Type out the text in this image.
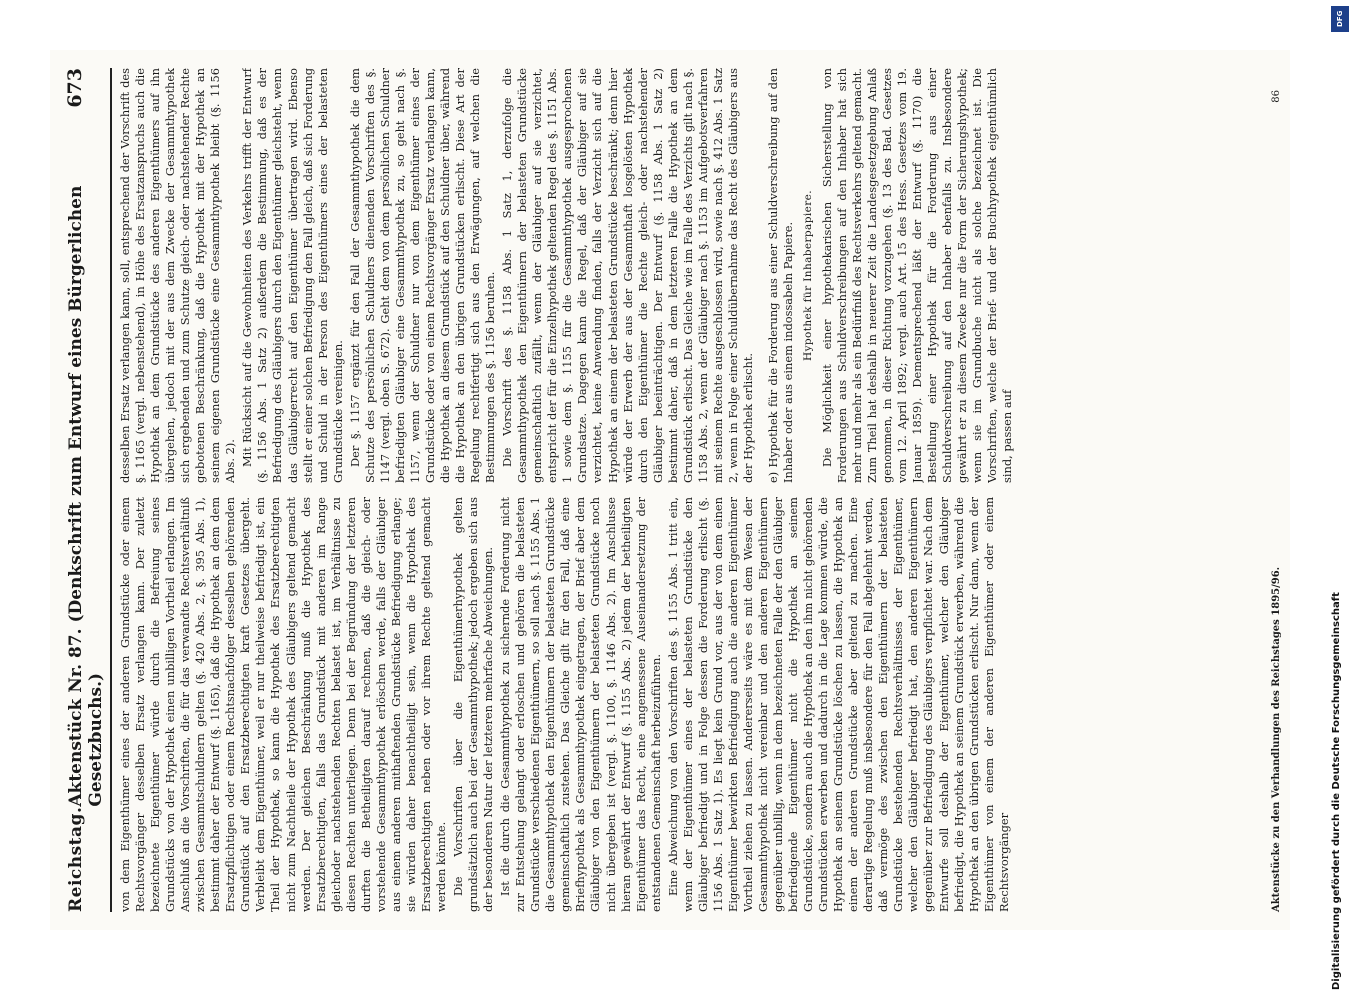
Reichstag.
Aktenstück Nr. 87. (Denkschrift zum Entwurf eines Bürgerlichen Gesetzbuchs.)
673

von dem Eigenthümer eines der anderen Grundstücke oder einem Rechtsvorgänger desselben Ersatz verlangen kann. Der zuletzt bezeichnete Eigenthümer würde durch die Befreiung seines Grundstücks von der Hypothek einen unbilligen Vortheil erlangen. Im Anschluß an die Vorschriften, die für das verwandte Rechtsverhältniß zwischen Gesammtschuldnern gelten (§. 420 Abs. 2, §. 395 Abs. 1), bestimmt daher der Entwurf (§. 1165), daß die Hypothek an dem dem Ersatzpflichtigen oder einem Rechtsnachfolger desselben gehörenden Grundstück auf den Ersatzberechtigten kraft Gesetzes übergeht. Verbleibt dem Eigenthümer, weil er nur theilweise befriedigt ist, ein Theil der Hypothek, so kann die Hypothek des Ersatzberechtigten nicht zum Nachtheile der Hypothek des Gläubigers geltend gemacht werden. Der gleichen Beschränkung muß die Hypothek des Ersatzberechtigten, falls das Grundstück mit anderen im Range gleichoder nachstehenden Rechten belastet ist, im Verhältnisse zu diesen Rechten unterliegen. Denn bei der Begründung der letzteren durften die Betheiligten darauf rechnen, daß die gleich- oder vorstehende Gesammthypothek erlöschen werde, falls der Gläubiger aus einem anderen mithaftenden Grundstücke Befriedigung erlange; sie würden daher benachtheiligt sein, wenn die Hypothek des Ersatzberechtigten neben oder vor ihrem Rechte geltend gemacht werden könnte. Die Vorschriften über die Eigenthümerhypothek gelten grundsätzlich auch bei der Gesammthypothek; jedoch ergeben sich aus der besonderen Natur der letzteren mehrfache Abweichungen. Ist die durch die Gesammthypothek zu sichernde Forderung nicht zur Entstehung gelangt oder erloschen und gehören die belasteten Grundstücke verschiedenen Eigenthümern, so soll nach §. 1155 Abs. 1 die Gesammthypothek den Eigenthümern der belasteten Grundstücke gemeinschaftlich zustehen. Das Gleiche gilt für den Fall, daß eine Briefhypothek als Gesammthypothek eingetragen, der Brief aber dem Gläubiger von den Eigenthümern der belasteten Grundstücke noch nicht übergeben ist (vergl. §. 1100, §. 1146 Abs. 2). Im Anschlusse hieran gewährt der Entwurf (§. 1155 Abs. 2) jedem der betheiligten Eigenthümer das Recht, eine angemessene Auseinandersetzung der entstandenen Gemeinschaft herbeizuführen. Eine Abweichung von den Vorschriften des §. 1155 Abs. 1 tritt ein, wenn der Eigenthümer eines der belasteten Grundstücke den Gläubiger befriedigt und in Folge dessen die Forderung erlischt (§. 1156 Abs. 1 Satz 1). Es liegt kein Grund vor, aus der von dem einen Eigenthümer bewirkten Befriedigung auch die anderen Eigenthümer Vortheil ziehen zu lassen. Andererseits wäre es mit dem Wesen der Gesammthypothek nicht vereinbar und den anderen Eigenthümern gegenüber unbillig, wenn in dem bezeichneten Falle der den Gläubiger befriedigende Eigenthümer nicht die Hypothek an seinem Grundstücke, sondern auch die Hypothek an den ihm nicht gehörenden Grundstücken erwerben und dadurch in die Lage kommen würde, die Hypothek an seinem Grundstücke löschen zu lassen, die Hypothek an einem der anderen Grundstücke aber geltend zu machen. Eine derartige Regelung muß insbesondere für den Fall abgelehnt werden, daß vermöge des zwischen den Eigenthümern der belasteten Grundstücke bestehenden Rechtsverhältnisses der Eigenthümer, welcher den Gläubiger befriedigt hat, den anderen Eigenthümern gegenüber zur Befriedigung des Gläubigers verpflichtet war. Nach dem Entwurfe soll deshalb der Eigenthümer, welcher den Gläubiger befriedigt, die Hypothek an seinem Grundstück erwerben, während die Hypothek an den übrigen Grundstücken erlischt. Nur dann, wenn der Eigenthümer von einem der anderen Eigenthümer oder einem Rechtsvorgänger

desselben Ersatz verlangen kann, soll, entsprechend der Vorschrift des §. 1165 (vergl. nebenstehend), in Höhe des Ersatzanspruchs auch die Hypothek an dem Grundstücke des anderen Eigenthümers auf ihn übergehen, jedoch mit der aus dem Zwecke der Gesammthypothek sich ergebenden und zum Schutze gleich- oder nachstehender Rechte gebotenen Beschränkung, daß die Hypothek mit der Hypothek an seinem eigenen Grundstücke eine Gesammthypothek bleibt (§. 1156 Abs. 2). Mit Rücksicht auf die Gewohnheiten des Verkehrs trifft der Entwurf (§. 1156 Abs. 1 Satz 2) außerdem die Bestimmung, daß es der Befriedigung des Gläubigers durch den Eigenthümer gleichsteht, wenn das Gläubigerrecht auf den Eigenthümer übertragen wird. Ebenso stellt er einer solchen Befriedigung den Fall gleich, daß sich Forderung und Schuld in der Person des Eigenthümers eines der belasteten Grundstücke vereinigen. Der §. 1157 ergänzt für den Fall der Gesammthypothek die dem Schutze des persönlichen Schuldners dienenden Vorschriften des §. 1147 (vergl. oben S. 672). Geht dem von dem persönlichen Schuldner befriedigten Gläubiger eine Gesammthypothek zu, so geht nach §. 1157, wenn der Schuldner nur von dem Eigenthümer eines der Grundstücke oder von einem Rechtsvorgänger Ersatz verlangen kann, die Hypothek an diesem Grundstück auf den Schuldner über, während die Hypothek an den übrigen Grundstücken erlischt. Diese Art der Regelung rechtfertigt sich aus den Erwägungen, auf welchen die Bestimmungen des §. 1156 beruhen. Die Vorschrift des §. 1158 Abs. 1 Satz 1, derzufolge die Gesammthypothek den Eigenthümern der belasteten Grundstücke gemeinschaftlich zufällt, wenn der Gläubiger auf sie verzichtet, entspricht der für die Einzelhypothek geltenden Regel des §. 1151 Abs. 1 sowie dem §. 1155 für die Gesammthypothek ausgesprochenen Grundsatze. Dagegen kann die Regel, daß der Gläubiger auf sie verzichtet, keine Anwendung finden, falls der Verzicht sich auf die Hypothek an einem der belasteten Grundstücke beschränkt; denn hier würde der Erwerb der aus der Gesammthaft losgelösten Hypothek durch den Eigenthümer die Rechte gleich- oder nachstehender Gläubiger beeinträchtigen. Der Entwurf (§. 1158 Abs. 1 Satz 2) bestimmt daher, daß in dem letzteren Falle die Hypothek an dem Grundstück erlischt. Das Gleiche wie im Falle des Verzichts gilt nach §. 1158 Abs. 2, wenn der Gläubiger nach §. 1153 im Aufgebotsverfahren mit seinem Rechte ausgeschlossen wird, sowie nach §. 412 Abs. 1 Satz 2, wenn in Folge einer Schuldübernahme das Recht des Gläubigers aus der Hypothek erlischt. e) Hypothek für die Forderung aus einer Schuldverschreibung auf den Inhaber oder aus einem indossabeln Papiere. Hypothek für Inhaberpapiere. Die Möglichkeit einer hypothekarischen Sicherstellung von Forderungen aus Schuldverschreibungen auf den Inhaber hat sich mehr und mehr als ein Bedürfniß des Rechtsverkehrs geltend gemacht. Zum Theil hat deshalb in neuerer Zeit die Landesgesetzgebung Anlaß genommen, in dieser Richtung vorzugehen (§. 13 des Bad. Gesetzes vom 12. April 1892; vergl. auch Art. 15 des Hess. Gesetzes vom 19. Januar 1859). Dementsprechend läßt der Entwurf (§. 1170) die Bestellung einer Hypothek für die Forderung aus einer Schuldverschreibung auf den Inhaber ebenfalls zu. Insbesondere gewährt er zu diesem Zwecke nur die Form der Sicherungshypothek; wenn sie im Grundbuche nicht als solche bezeichnet ist. Die Vorschriften, welche der Brief- und der Buchhypothek eigenthümlich sind, passen auf

Aktenstücke zu den Verhandlungen des Reichstages 1895/96.
86
DFG
Digitalisierung gefördert durch die Deutsche Forschungsgemeinschaft
